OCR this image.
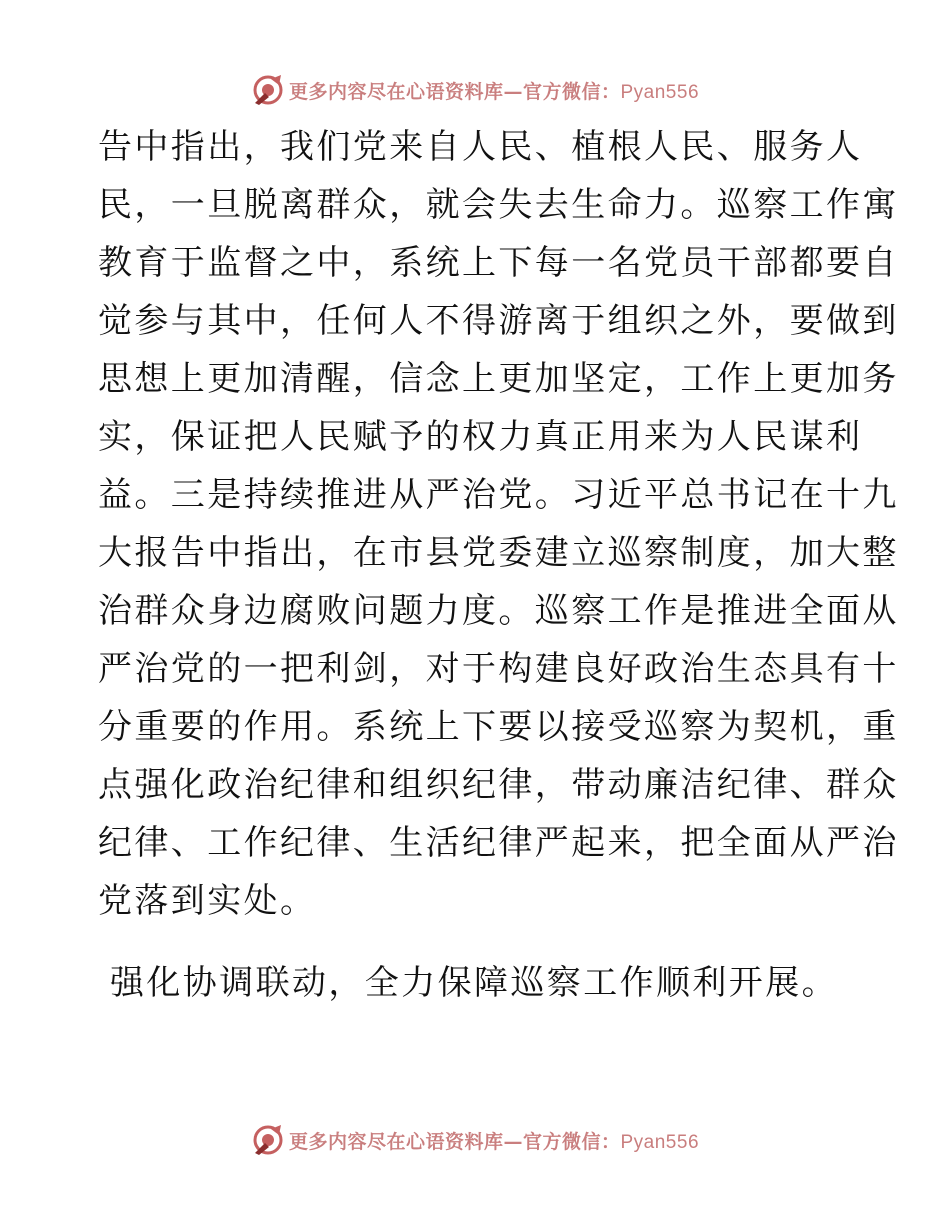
更多内容尽在心语资料库—官方微信：Pyan556
告中指出，我们党来自人民、植根人民、服务人
民，一旦脱离群众，就会失去生命力。巡察工作寓
教育于监督之中，系统上下每一名党员干部都要自
觉参与其中，任何人不得游离于组织之外，要做到
思想上更加清醒，信念上更加坚定，工作上更加务
实，保证把人民赋予的权力真正用来为人民谋利
益。三是持续推进从严治党。习近平总书记在十九
大报告中指出，在市县党委建立巡察制度，加大整
治群众身边腐败问题力度。巡察工作是推进全面从
严治党的一把利剑，对于构建良好政治生态具有十
分重要的作用。系统上下要以接受巡察为契机，重
点强化政治纪律和组织纪律，带动廉洁纪律、群众
纪律、工作纪律、生活纪律严起来，把全面从严治
党落到实处。
强化协调联动，全力保障巡察工作顺利开展。
更多内容尽在心语资料库—官方微信：Pyan556
